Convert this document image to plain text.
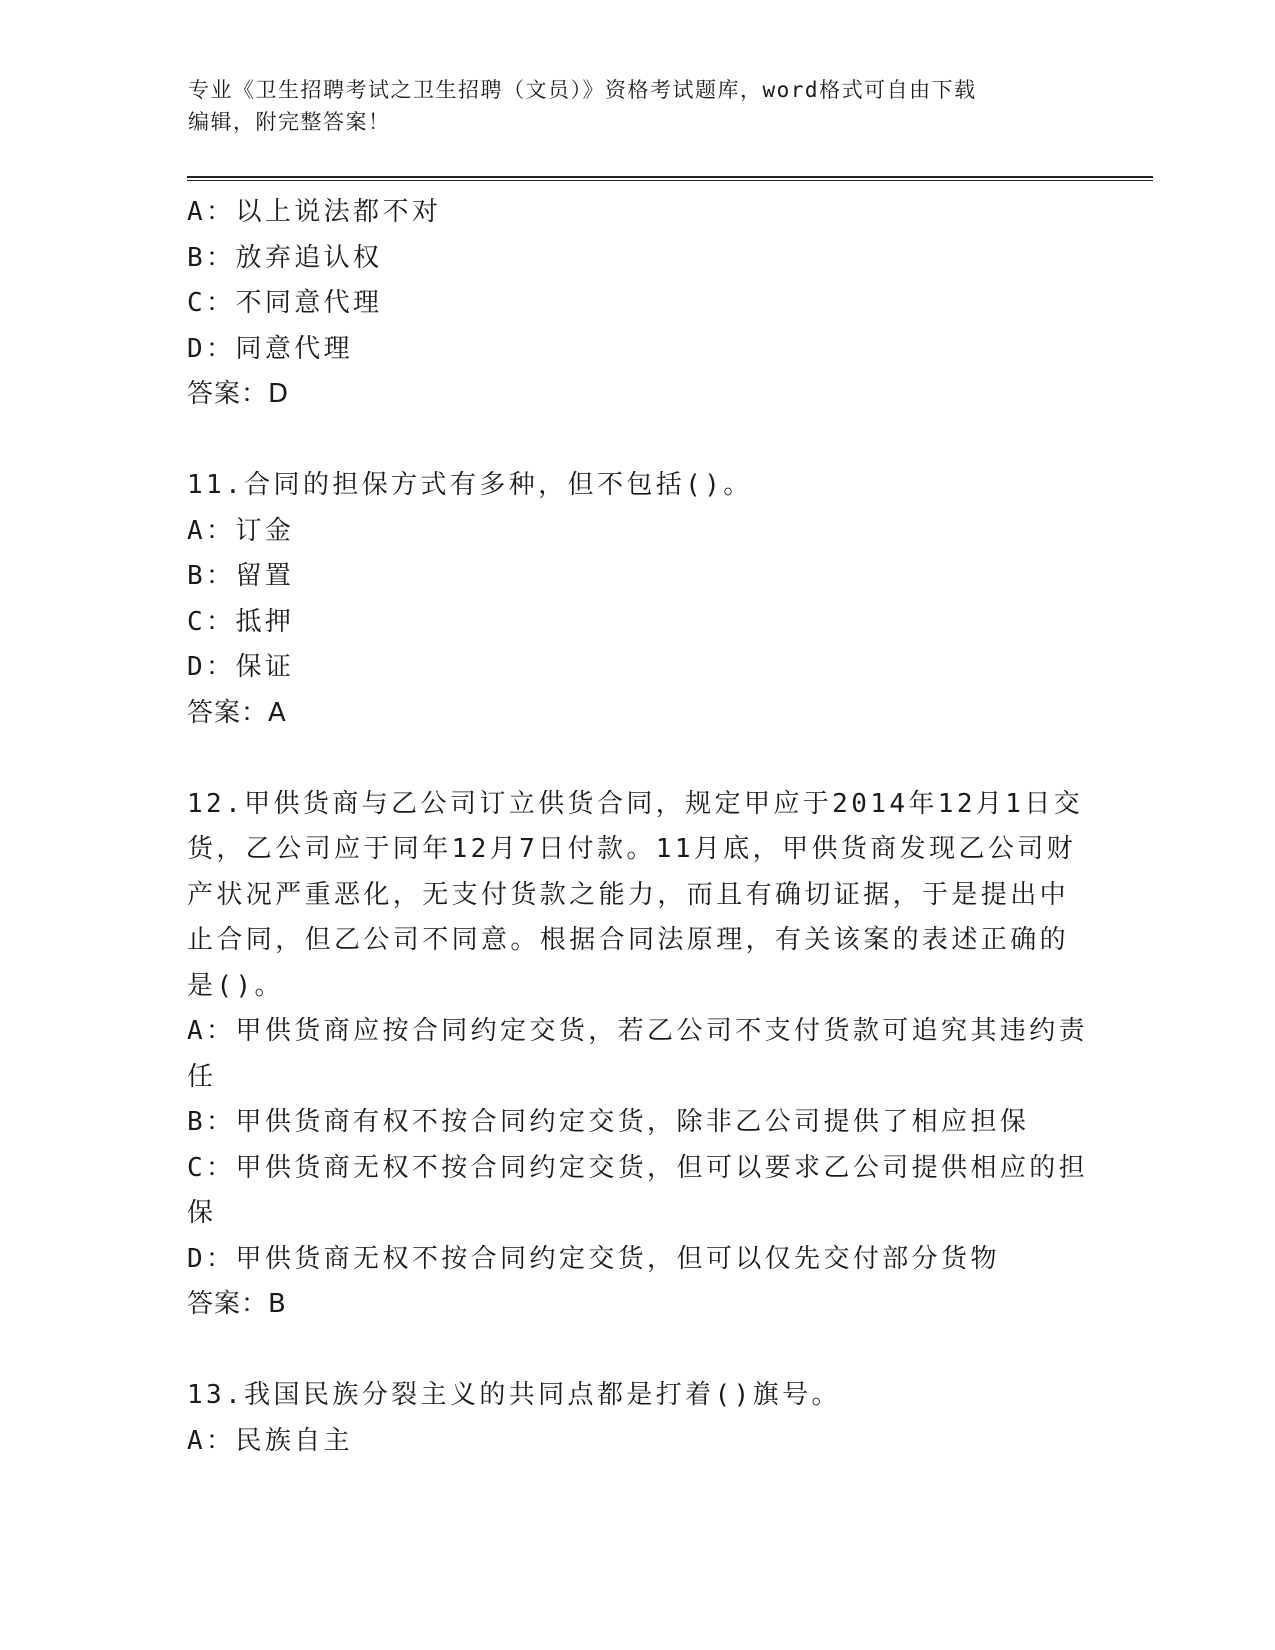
专业《卫生招聘考试之卫生招聘（文员）》资格考试题库，word格式可自由下载
编辑，附完整答案！
A：以上说法都不对
B：放弃追认权
C：不同意代理
D：同意代理
答案：D
11.合同的担保方式有多种，但不包括()。
A：订金
B：留置
C：抵押
D：保证
答案：A
12.甲供货商与乙公司订立供货合同，规定甲应于2014年12月1日交
货，乙公司应于同年12月7日付款。11月底，甲供货商发现乙公司财
产状况严重恶化，无支付货款之能力，而且有确切证据，于是提出中
止合同，但乙公司不同意。根据合同法原理，有关该案的表述正确的
是()。
A：甲供货商应按合同约定交货，若乙公司不支付货款可追究其违约责
任
B：甲供货商有权不按合同约定交货，除非乙公司提供了相应担保
C：甲供货商无权不按合同约定交货，但可以要求乙公司提供相应的担
保
D：甲供货商无权不按合同约定交货，但可以仅先交付部分货物
答案：B
13.我国民族分裂主义的共同点都是打着()旗号。
A：民族自主
